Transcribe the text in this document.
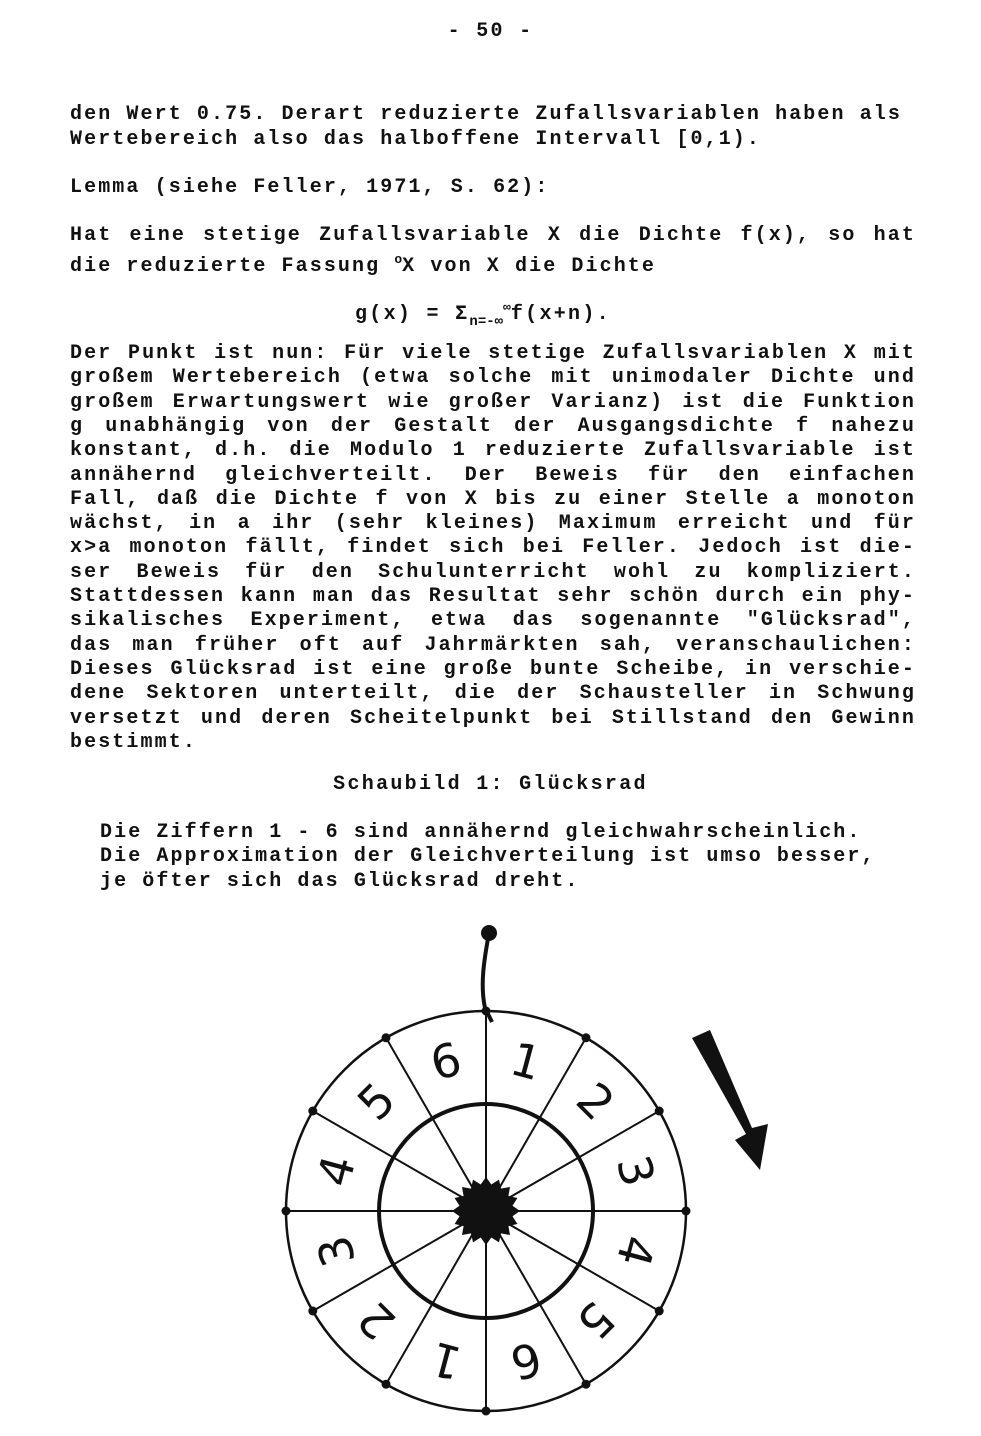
- 50 -
den Wert 0.75. Derart reduzierte Zufallsvariablen haben als
Wertebereich also das halboffene Intervall [0,1).
Lemma (siehe Feller, 1971, S. 62):
Hat eine stetige Zufallsvariable X die Dichte f(x), so hat
die reduzierte Fassung $^o$X von X die Dichte
$g(x) = \Sigma_{n=-\infty}^\infty f(x+n)$.
Der Punkt ist nun: Für viele stetige Zufallsvariablen X mit
großem Wertebereich (etwa solche mit unimodaler Dichte und
großem Erwartungswert wie großer Varianz) ist die Funktion
g unabhängig von der Gestalt der Ausgangsdichte f nahezu
konstant, d.h. die Modulo 1 reduzierte Zufallsvariable ist
annähernd gleichverteilt. Der Beweis für den einfachen
Fall, daß die Dichte f von X bis zu einer Stelle a monoton
wächst, in a ihr (sehr kleines) Maximum erreicht und für
x>a monoton fällt, findet sich bei Feller. Jedoch ist die-
ser Beweis für den Schulunterricht wohl zu kompliziert.
Stattdessen kann man das Resultat sehr schön durch ein phy-
sikalisches Experiment, etwa das sogenannte "Glücksrad",
das man früher oft auf Jahrmärkten sah, veranschaulichen:
Dieses Glücksrad ist eine große bunte Scheibe, in verschie-
dene Sektoren unterteilt, die der Schausteller in Schwung
versetzt und deren Scheitelpunkt bei Stillstand den Gewinn
bestimmt.
Schaubild 1: Glücksrad
Die Ziffern 1 - 6 sind annähernd gleichwahrscheinlich.
Die Approximation der Gleichverteilung ist umso besser,
je öfter sich das Glücksrad dreht.
1
2
3
4
5
6
1
2
3
4
5
6
